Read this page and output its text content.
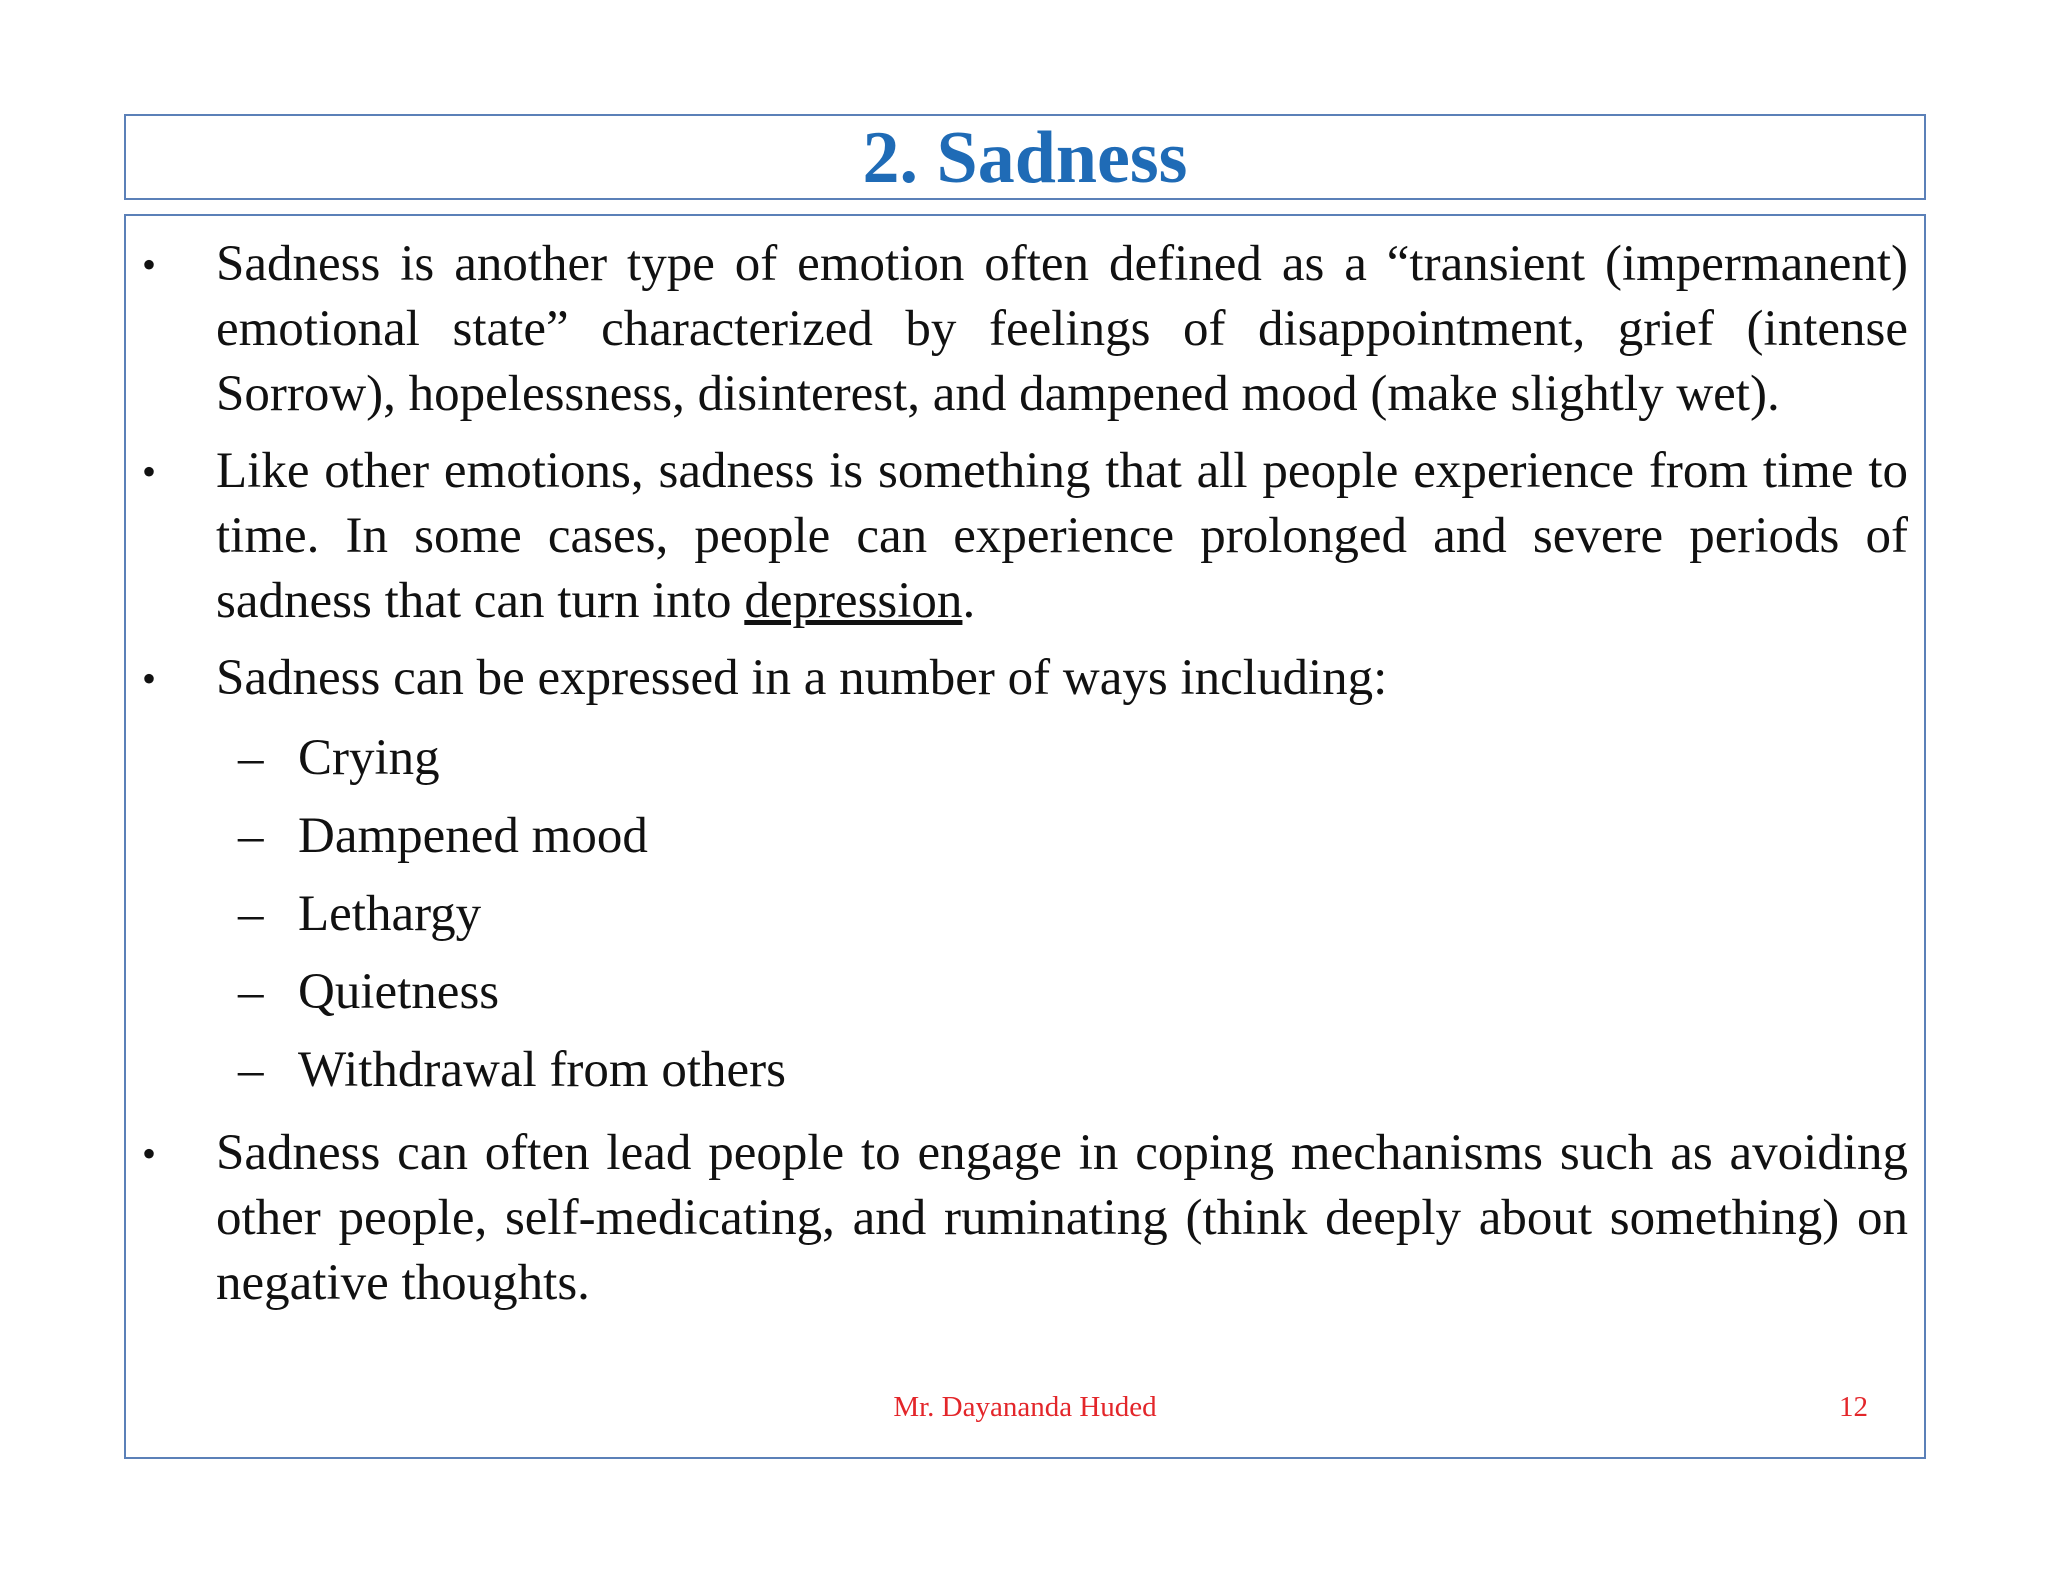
2. Sadness
•	Sadness is another type of emotion often defined as a “transient (impermanent) emotional state” characterized by feelings of disappointment, grief (intense Sorrow), hopelessness, disinterest, and dampened mood (make slightly wet).
•	Like other emotions, sadness is something that all people experience from time to time. In some cases, people can experience prolonged and severe periods of sadness that can turn into depression.
•	Sadness can be expressed in a number of ways including:
– Crying
– Dampened mood
– Lethargy
– Quietness
– Withdrawal from others
•	Sadness can often lead people to engage in coping mechanisms such as avoiding other people, self-medicating, and ruminating (think deeply about something) on negative thoughts.
Mr. Dayananda Huded	12
